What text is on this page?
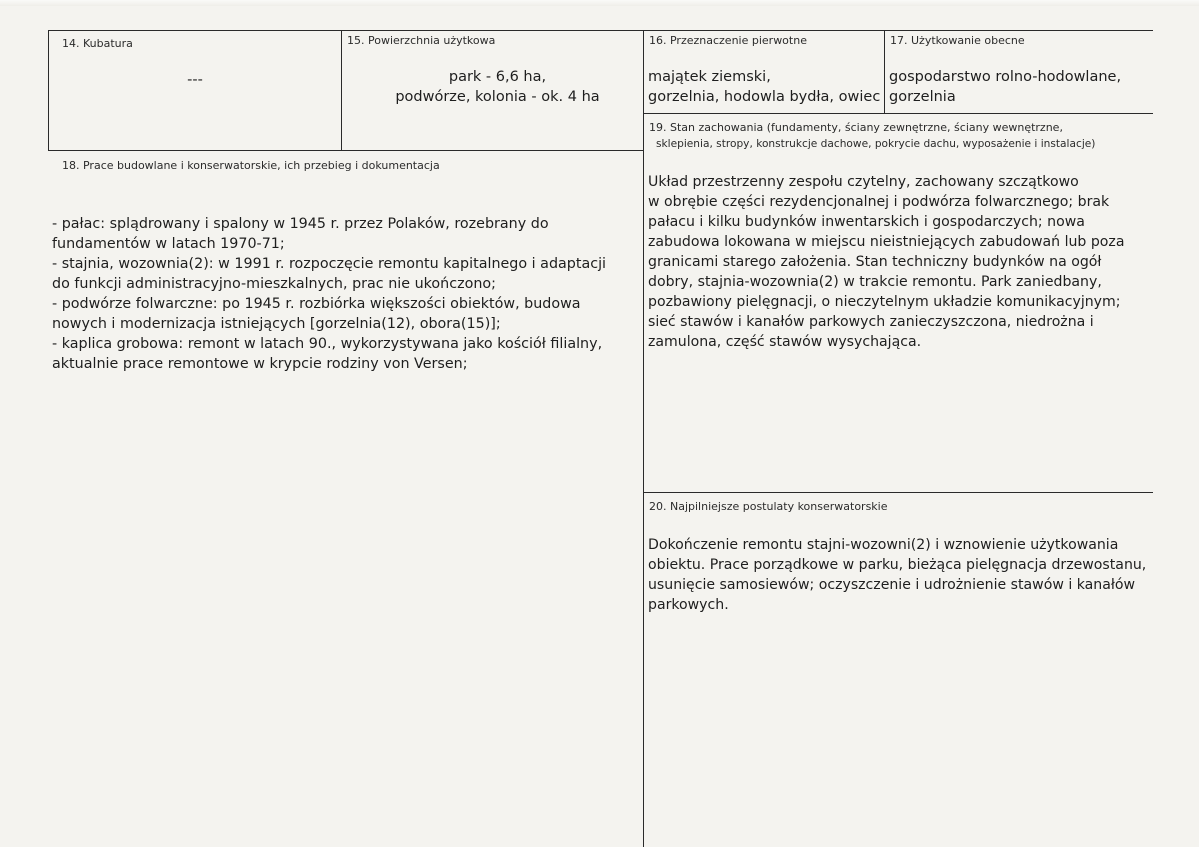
14. Kubatura
---
15. Powierzchnia użytkowa
park - 6,6 ha,
podwórze, kolonia - ok. 4 ha
16. Przeznaczenie pierwotne
majątek ziemski,
gorzelnia, hodowla bydła, owiec
17. Użytkowanie obecne
gospodarstwo rolno-hodowlane,
gorzelnia
18. Prace budowlane i konserwatorskie, ich przebieg i dokumentacja
- pałac: splądrowany i spalony w 1945 r. przez Polaków, rozebrany do
fundamentów w latach 1970-71;
- stajnia, wozownia(2): w 1991 r. rozpoczęcie remontu kapitalnego i adaptacji
do funkcji administracyjno-mieszkalnych, prac nie ukończono;
- podwórze folwarczne: po 1945 r. rozbiórka większości obiektów, budowa
nowych i modernizacja istniejących [gorzelnia(12), obora(15)];
- kaplica grobowa: remont w latach 90., wykorzystywana jako kościół filialny,
aktualnie prace remontowe w krypcie rodziny von Versen;
19. Stan zachowania (fundamenty, ściany zewnętrzne, ściany wewnętrzne,
sklepienia, stropy, konstrukcje dachowe, pokrycie dachu, wyposażenie i instalacje)
Układ przestrzenny zespołu czytelny, zachowany szczątkowo
w obrębie części rezydencjonalnej i podwórza folwarcznego; brak
pałacu i kilku budynków inwentarskich i gospodarczych; nowa
zabudowa lokowana w miejscu nieistniejących zabudowań lub poza
granicami starego założenia. Stan techniczny budynków na ogół
dobry, stajnia-wozownia(2) w trakcie remontu. Park zaniedbany,
pozbawiony pielęgnacji, o nieczytelnym układzie komunikacyjnym;
sieć stawów i kanałów parkowych zanieczyszczona, niedrożna i
zamulona, część stawów wysychająca.
20. Najpilniejsze postulaty konserwatorskie
Dokończenie remontu stajni-wozowni(2) i wznowienie użytkowania
obiektu. Prace porządkowe w parku, bieżąca pielęgnacja drzewostanu,
usunięcie samosiewów; oczyszczenie i udrożnienie stawów i kanałów
parkowych.
